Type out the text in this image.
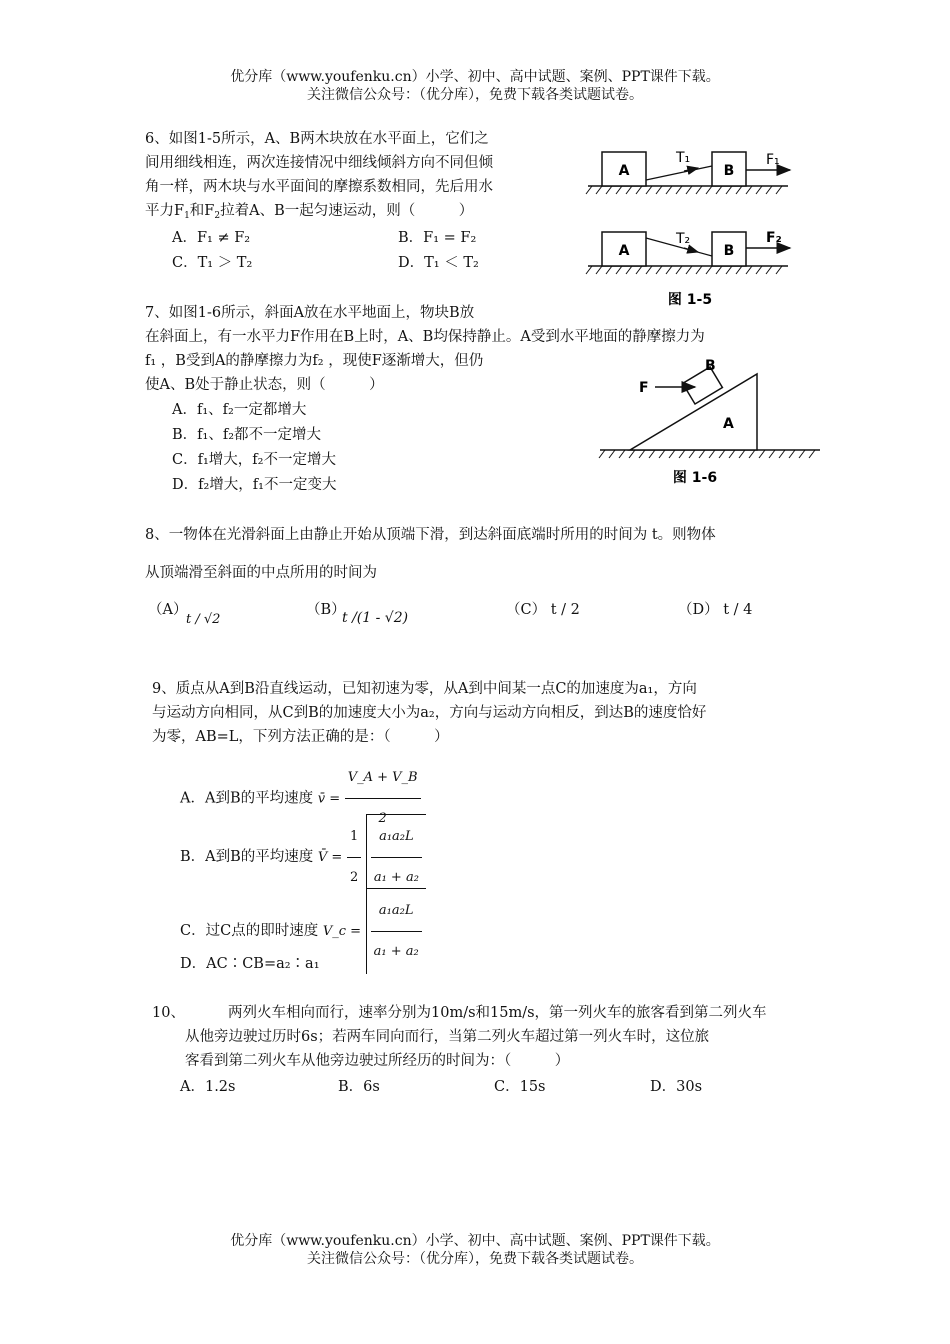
优分库（www.youfenku.cn）小学、初中、高中试题、案例、PPT课件下载。
关注微信公众号：（优分库），免费下载各类试题试卷。
6、如图1-5所示，A、B两木块放在水平面上，它们之
间用细线相连，两次连接情况中细线倾斜方向不同但倾
角一样，两木块与水平面间的摩擦系数相同，先后用水
平力$F_1$和$F_2$拉着A、B一起匀速运动，则（　　　）
A．F₁ ≠ F₂	B．F₁ = F₂
C．T₁ ＞ T₂	D．T₁ ＜ T₂
A	B
T₁	F₁
A	B
T₂	F₂
图 1-5
7、如图1-6所示，斜面A放在水平地面上，物块B放
在斜面上，有一水平力F作用在B上时，A、B均保持静止。A受到水平地面的静摩擦力为
f₁ ，B受到A的静摩擦力为f₂ ，现使F逐渐增大，但仍
使A、B处于静止状态，则（　　　）
A．f₁、f₂一定都增大
B．f₁、f₂都不一定增大
C．f₁增大，f₂不一定增大
D．f₂增大，f₁不一定变大
B
A
F
图 1-6
8、一物体在光滑斜面上由静止开始从顶端下滑，到达斜面底端时所用的时间为 t。则物体
从顶端滑至斜面的中点所用的时间为
（A）
t / √2
（B）
t /(1 - √2)	（C） t / 2	（D） t / 4
9、质点从A到B沿直线运动，已知初速为零，从A到中间某一点C的加速度为a₁，方向
与运动方向相同，从C到B的加速度大小为a₂，方向与运动方向相反，到达B的速度恰好
为零，AB=L，下列方法正确的是：（　　　）
A．A到B的平均速度 v̄ = $\frac{V\_A + V\_B}{2}$
B．A到B的平均速度 V̄ = $\frac{1}{2}$
$\frac{\text{a₁a₂L}}{\text{a₁ + a₂}}$
C．过C点的即时速度 V_c = $\frac{\text{a₁a₂L}}{\text{a₁ + a₂}}$
D．AC∶CB=a₂∶a₁
10、	两列火车相向而行，速率分别为10m/s和15m/s，第一列火车的旅客看到第二列火车
从他旁边驶过历时6s；若两车同向而行，当第二列火车超过第一列火车时，这位旅
客看到第二列火车从他旁边驶过所经历的时间为：（　　　）
A．1.2s	B．6s	C．15s	D．30s
优分库（www.youfenku.cn）小学、初中、高中试题、案例、PPT课件下载。
关注微信公众号：（优分库），免费下载各类试题试卷。
